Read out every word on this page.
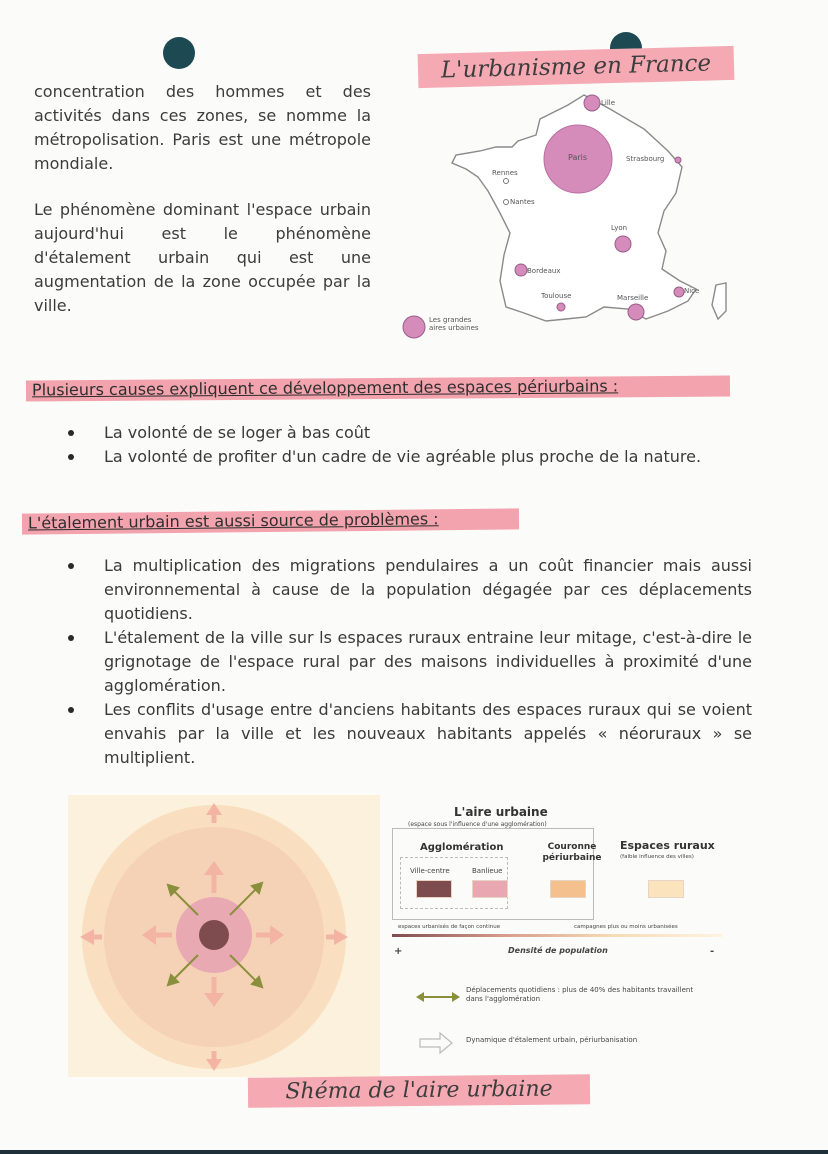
concentration des hommes et des activités dans ces zones, se nomme la métropolisation. Paris est une métropole mondiale.

Le phénomène dominant l'espace urbain aujourd'hui est le phénomène d'étalement urbain qui est une augmentation de la zone occupée par la ville.

L'urbanisme en France
Lille
Paris	Strasbourg
Rennes
Nantes
Lyon
Bordeaux
Toulouse	Marseille
Nice
Les grandes aires urbaines
Plusieurs causes expliquent ce développement des espaces périurbains :
La volonté de se loger à bas coût
La volonté de profiter d'un cadre de vie agréable plus proche de la nature.
L'étalement urbain est aussi source de problèmes :
La multiplication des migrations pendulaires a un coût financier mais aussi environnemental à cause de la population dégagée par ces déplacements quotidiens.
L'étalement de la ville sur ls espaces ruraux entraine leur mitage, c'est-à-dire le grignotage de l'espace rural par des maisons individuelles à proximité d'une agglomération.
Les conflits d'usage entre d'anciens habitants des espaces ruraux qui se voient envahis par la ville et les nouveaux habitants appelés « néoruraux » se multiplient.
L'aire urbaine
(espace sous l'influence d'une agglomération)
Agglomération
Ville-centre	Banlieue
Couronne périurbaine
Espaces ruraux
(faible influence des villes)
espaces urbanisés de façon continue	campagnes plus ou moins urbanisées
+	Densité de population	-
Déplacements quotidiens : plus de 40% des habitants travaillent dans l'agglomération
Dynamique d'étalement urbain, périurbanisation
Shéma de l'aire urbaine
